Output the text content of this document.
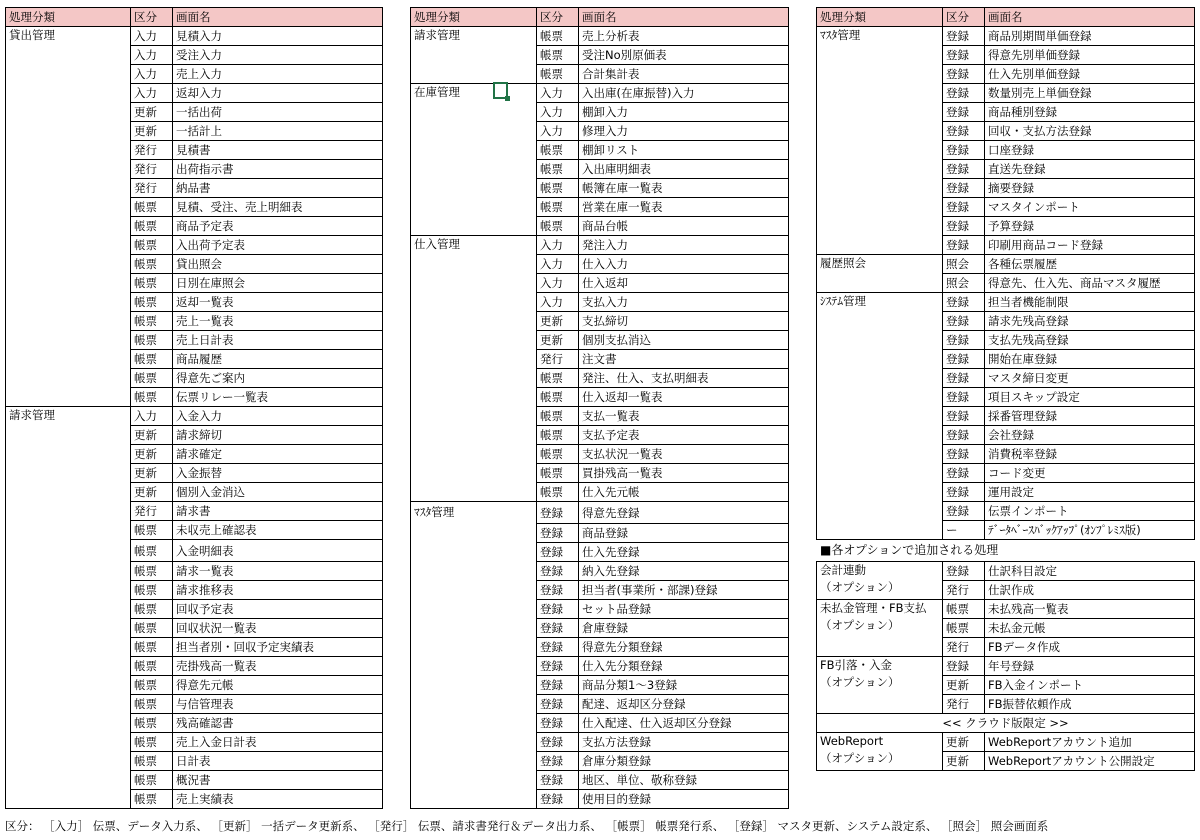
処理分類	区分	画面名
貸出管理	入力	見積入力
	入力	受注入力
	入力	売上入力
	入力	返却入力
	更新	一括出荷
	更新	一括計上
	発行	見積書
	発行	出荷指示書
	発行	納品書
	帳票	見積、受注、売上明細表
	帳票	商品予定表
	帳票	入出荷予定表
	帳票	貸出照会
	帳票	日別在庫照会
	帳票	返却一覧表
	帳票	売上一覧表
	帳票	売上日計表
	帳票	商品履歴
	帳票	得意先ご案内
	帳票	伝票リレー一覧表
請求管理	入力	入金入力
	更新	請求締切
	更新	請求確定
	更新	入金振替
	更新	個別入金消込
	発行	請求書
	帳票	未収売上確認表
	帳票	入金明細表
	帳票	請求一覧表
	帳票	請求推移表
	帳票	回収予定表
	帳票	回収状況一覧表
	帳票	担当者別・回収予定実績表
	帳票	売掛残高一覧表
	帳票	得意先元帳
	帳票	与信管理表
	帳票	残高確認書
	帳票	売上入金日計表
	帳票	日計表
	帳票	概況書
	帳票	売上実績表
処理分類	区分	画面名
請求管理	帳票	売上分析表
	帳票	受注No別原価表
	帳票	合計集計表
在庫管理	入力	入出庫(在庫振替)入力
	入力	棚卸入力
	入力	修理入力
	帳票	棚卸リスト
	帳票	入出庫明細表
	帳票	帳簿在庫一覧表
	帳票	営業在庫一覧表
	帳票	商品台帳
仕入管理	入力	発注入力
	入力	仕入入力
	入力	仕入返却
	入力	支払入力
	更新	支払締切
	更新	個別支払消込
	発行	注文書
	帳票	発注、仕入、支払明細表
	帳票	仕入返却一覧表
	帳票	支払一覧表
	帳票	支払予定表
	帳票	支払状況一覧表
	帳票	買掛残高一覧表
	帳票	仕入先元帳
ﾏｽﾀ管理	登録	得意先登録
	登録	商品登録
	登録	仕入先登録
	登録	納入先登録
	登録	担当者(事業所・部課)登録
	登録	セット品登録
	登録	倉庫登録
	登録	得意先分類登録
	登録	仕入先分類登録
	登録	商品分類1～3登録
	登録	配達、返却区分登録
	登録	仕入配達、仕入返却区分登録
	登録	支払方法登録
	登録	倉庫分類登録
	登録	地区、単位、敬称登録
	登録	使用目的登録
処理分類	区分	画面名
ﾏｽﾀ管理	登録	商品別期間単価登録
	登録	得意先別単価登録
	登録	仕入先別単価登録
	登録	数量別売上単価登録
	登録	商品種別登録
	登録	回収・支払方法登録
	登録	口座登録
	登録	直送先登録
	登録	摘要登録
	登録	マスタインポート
	登録	予算登録
	登録	印刷用商品コード登録
履歴照会	照会	各種伝票履歴
	照会	得意先、仕入先、商品マスタ履歴
ｼｽﾃﾑ管理	登録	担当者機能制限
	登録	請求先残高登録
	登録	支払先残高登録
	登録	開始在庫登録
	登録	マスタ締日変更
	登録	項目スキップ設定
	登録	採番管理登録
	登録	会社登録
	登録	消費税率登録
	登録	コード変更
	登録	運用設定
	登録	伝票インポート
	ー	ﾃﾞｰﾀﾍﾞｰｽﾊﾞｯｸｱｯﾌﾟ(ｵﾝﾌﾟﾚﾐｽ版)
■各オプションで追加される処理
会計連動
（オプション）	登録	仕訳科目設定
	発行	仕訳作成

未払金管理・FB支払
（オプション）	帳票	未払残高一覧表
	帳票	未払金元帳
	発行	FBデータ作成

FB引落・入金
（オプション）	登録	年号登録
	更新	FB入金インポート
	発行	FB振替依頼作成
<< クラウド版限定 >>		

WebReport
（オプション）	更新	WebReportアカウント追加
	更新	WebReportアカウント公開設定
区分： ［入力］ 伝票、データ入力系、 ［更新］ 一括データ更新系、 ［発行］ 伝票、請求書発行＆データ出力系、 ［帳票］ 帳票発行系、 ［登録］ マスタ更新、システム設定系、 ［照会］ 照会画面系
